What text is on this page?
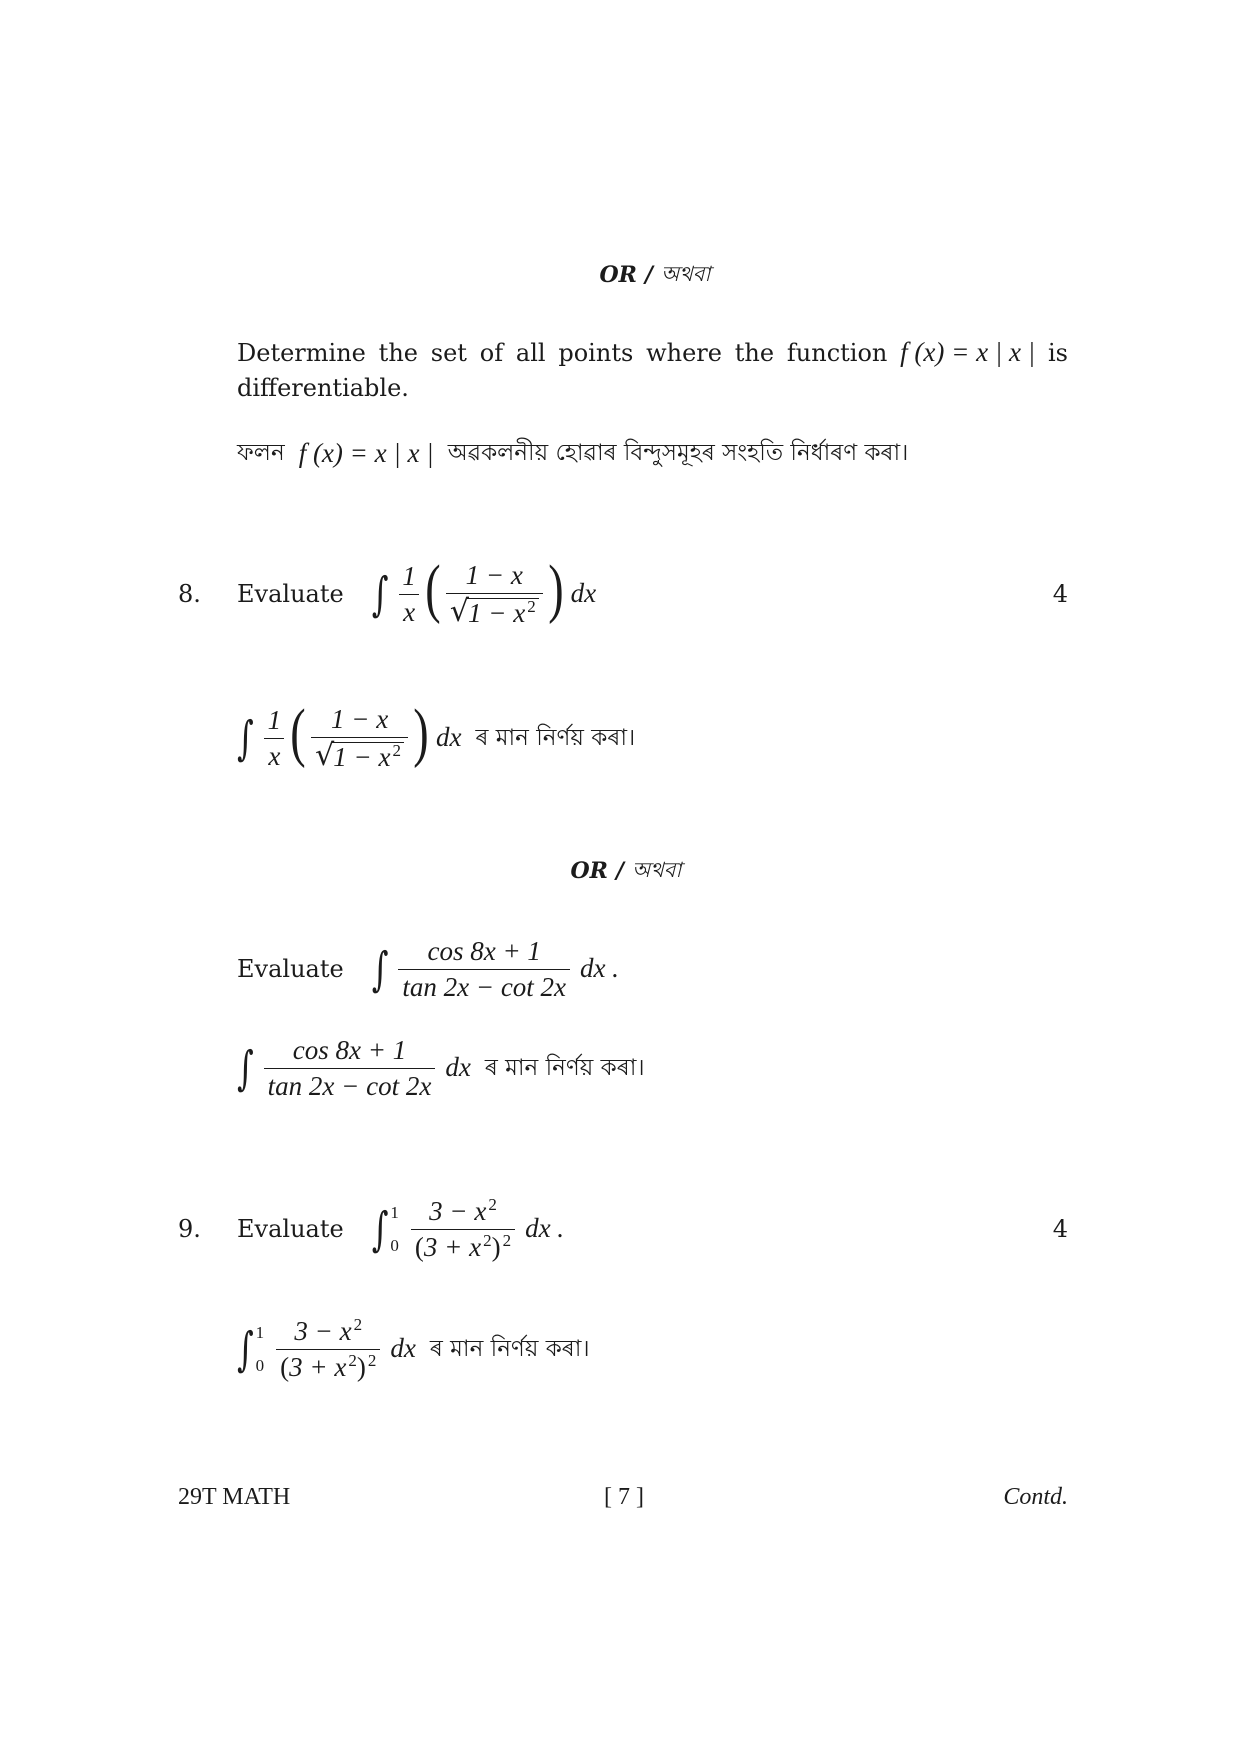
OR / অথবা
Determine the set of all points where the function f (x) = x | x | is
differentiable.
ফলন f (x) = x | x | অৱকলনীয় হোৱাৰ বিন্দুসমূহৰ সংহতি নিৰ্ধাৰণ কৰা।
8. Evaluate ∫ $\frac{1}{x}$ ( $\frac{1 - x}{√ 1 - x ^2}$ ) dx	4
∫ $\frac{1}{x}$ ( $\frac{1 - x}{√ 1 - x ^2}$ ) dx ৰ মান নিৰ্ণয় কৰা।
OR / অথবা
Evaluate ∫ $\frac{\cos 8x + 1}{\tan 2x - \cot 2x}$ dx .
∫ $\frac{\cos 8x + 1}{\tan 2x - \cot 2x}$ dx ৰ মান নিৰ্ণয় কৰা।
9. Evaluate ∫ 1
$0 \frac{3 - x ^2}{(3 + x ^2) ^2}$ dx .	4
∫ 1
$0 \frac{3 - x ^2}{(3 + x ^2) ^2}$ dx ৰ মান নিৰ্ণয় কৰা।
29T MATH	[ 7 ]	Contd.
